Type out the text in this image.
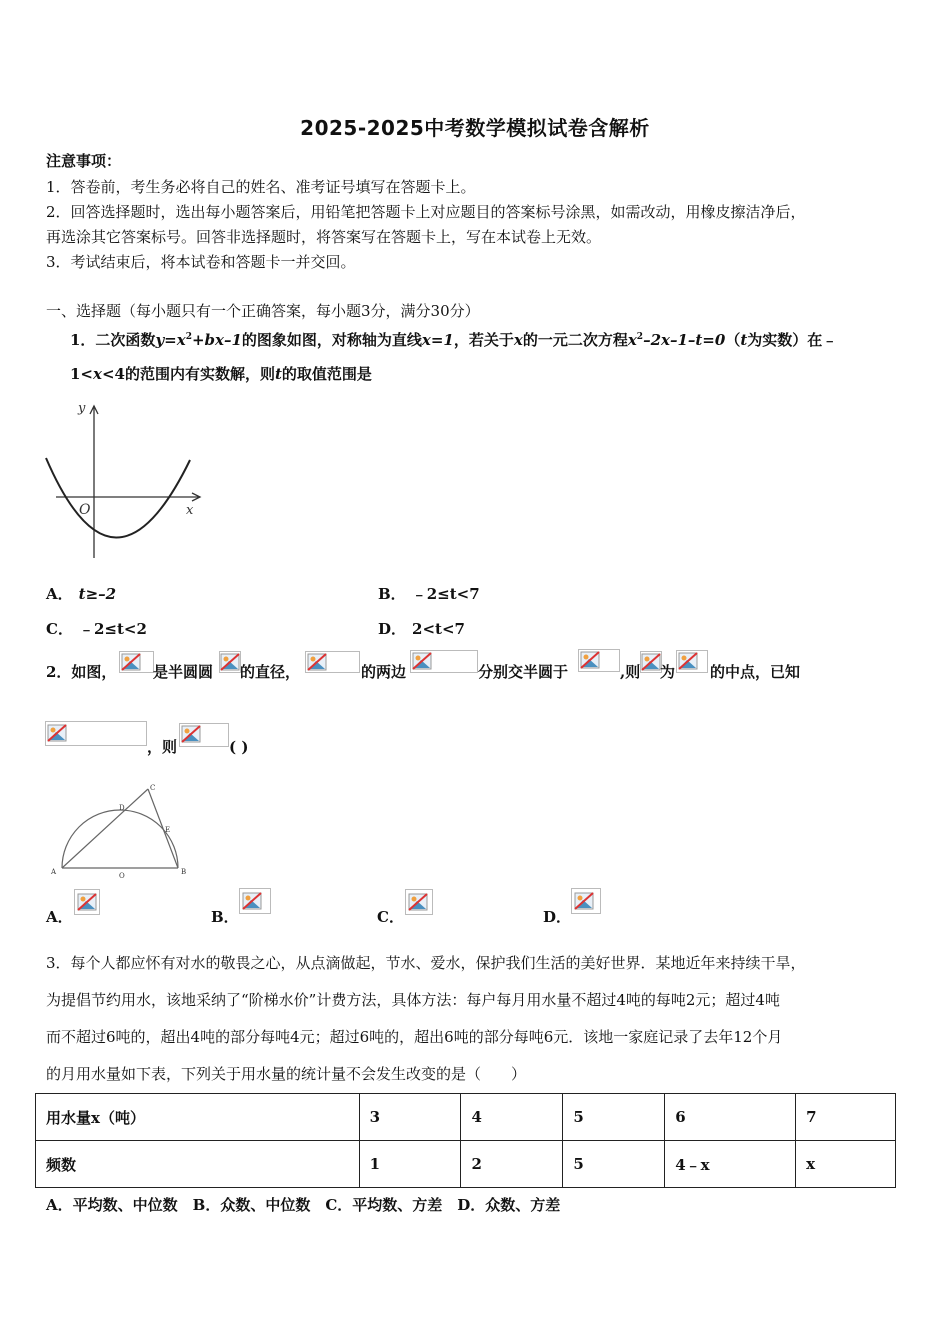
2025-2025中考数学模拟试卷含解析
注意事项：
1．答卷前，考生务必将自己的姓名、准考证号填写在答题卡上。
2．回答选择题时，选出每小题答案后，用铅笔把答题卡上对应题目的答案标号涂黑，如需改动，用橡皮擦洁净后，
再选涂其它答案标号。回答非选择题时，将答案写在答题卡上，写在本试卷上无效。
3．考试结束后，将本试卷和答题卡一并交回。
一、选择题（每小题只有一个正确答案，每小题3分，满分30分）
1．二次函数$y=x^2+bx-1$的图象如图，对称轴为直线x=1，若关于x的一元二次方程$x^2-2x-1-t=0(t$为实数）在﹣
1<x<4的范围内有实数解，则t的取值范围是
y
O	x
A． t≥–2	B． ﹣2≤t<7
C． ﹣2≤t<2	D． 2<t<7
2．如图， 是半圆圆 的直径，	的两边	分别交半圆于	,则 为 的中点，已知
，则	( )
A	B
C
D
E
O
A．	B．	C．	D．
3．每个人都应怀有对水的敬畏之心，从点滴做起，节水、爱水，保护我们生活的美好世界．某地近年来持续干旱，
为提倡节约用水，该地采纳了“阶梯水价”计费方法，具体方法：每户每月用水量不超过4吨的每吨2元；超过4吨
而不超过6吨的，超出4吨的部分每吨4元；超过6吨的，超出6吨的部分每吨6元．该地一家庭记录了去年12个月
的月用水量如下表，下列关于用水量的统计量不会发生改变的是（　　）
用水量x（吨）	3	4	5	6	7
频数	1	2	5	4﹣x	x
A．平均数、中位数　B．众数、中位数　C．平均数、方差　D．众数、方差
